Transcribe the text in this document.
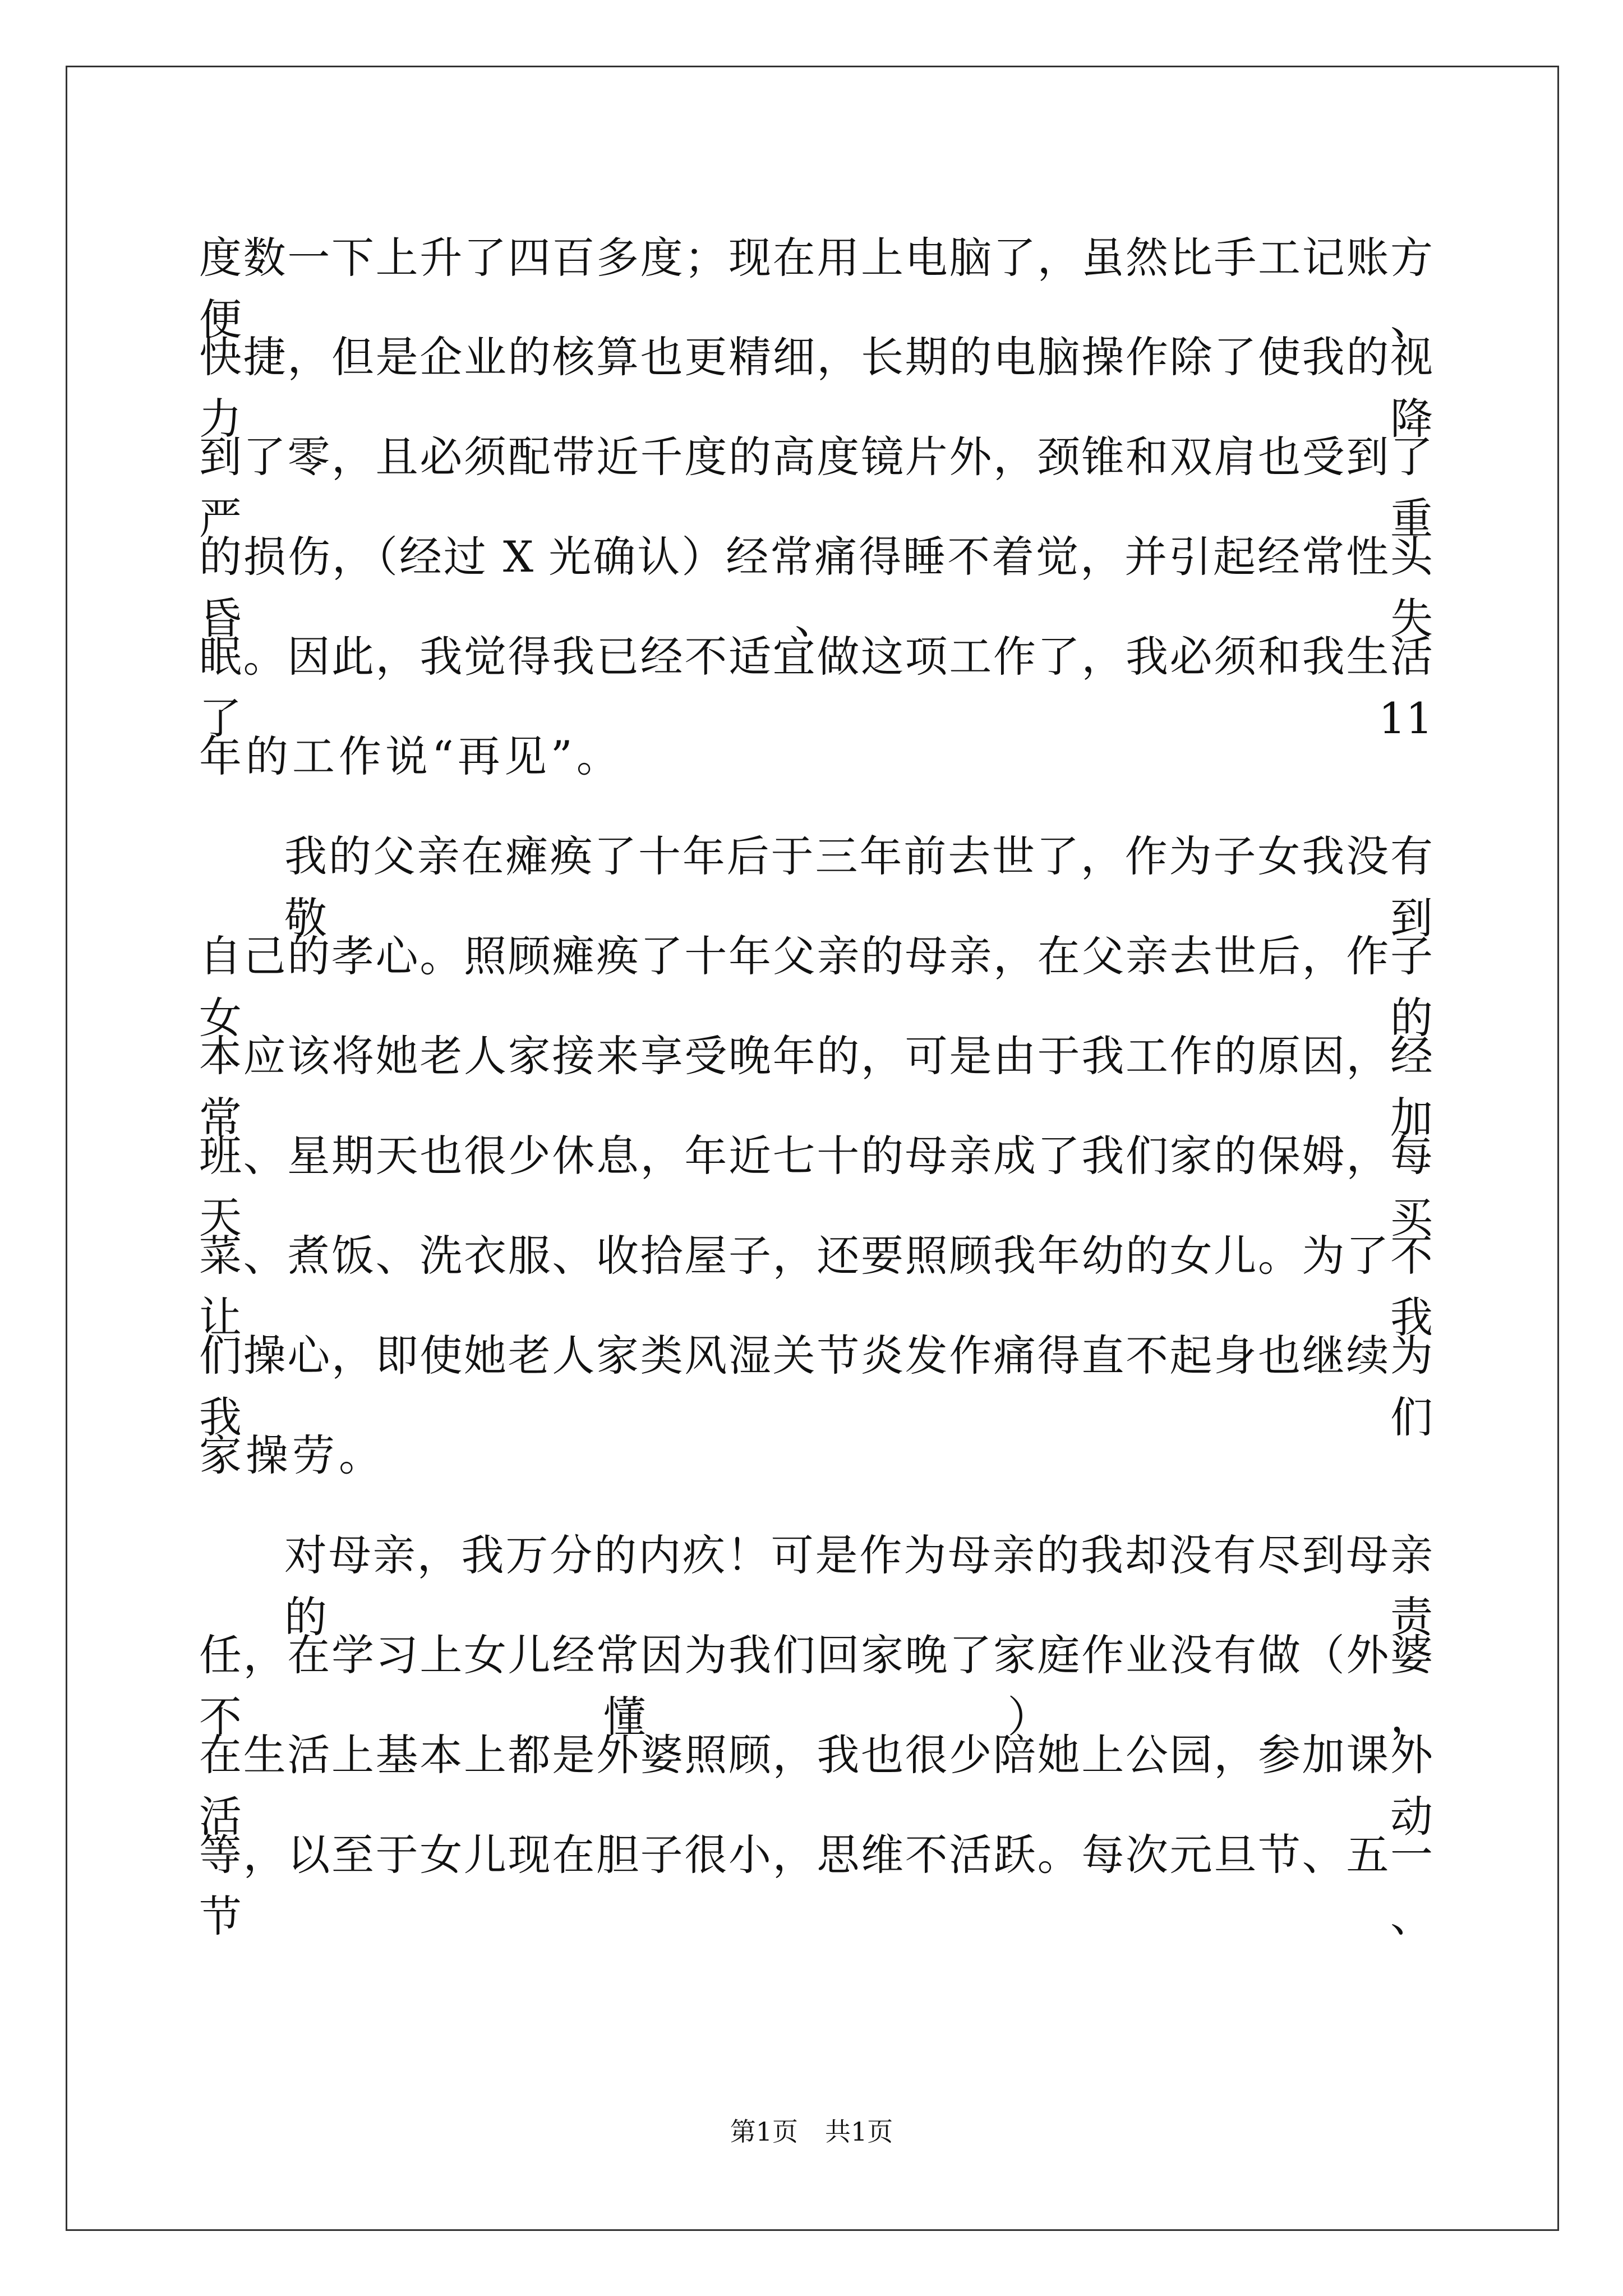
度数一下上升了四百多度；现在用上电脑了，虽然比手工记账方便、
快捷，但是企业的核算也更精细，长期的电脑操作除了使我的视力降
到了零，且必须配带近千度的高度镜片外，颈锥和双肩也受到了严重
的损伤，（经过 X 光确认）经常痛得睡不着觉，并引起经常性头昏、失
眠。因此，我觉得我已经不适宜做这项工作了，我必须和我生活了 11
年的工作说“再见”。
我的父亲在瘫痪了十年后于三年前去世了，作为子女我没有敬到
自己的孝心。照顾瘫痪了十年父亲的母亲，在父亲去世后，作子女的
本应该将她老人家接来享受晚年的，可是由于我工作的原因，经常加
班、星期天也很少休息，年近七十的母亲成了我们家的保姆，每天买
菜、煮饭、洗衣服、收拾屋子，还要照顾我年幼的女儿。为了不让我
们操心，即使她老人家类风湿关节炎发作痛得直不起身也继续为我们
家操劳。
对母亲，我万分的内疚！可是作为母亲的我却没有尽到母亲的责
任，在学习上女儿经常因为我们回家晚了家庭作业没有做（外婆不懂），
在生活上基本上都是外婆照顾，我也很少陪她上公园，参加课外活动
等，以至于女儿现在胆子很小，思维不活跃。每次元旦节、五一节、
第1页 共1页
